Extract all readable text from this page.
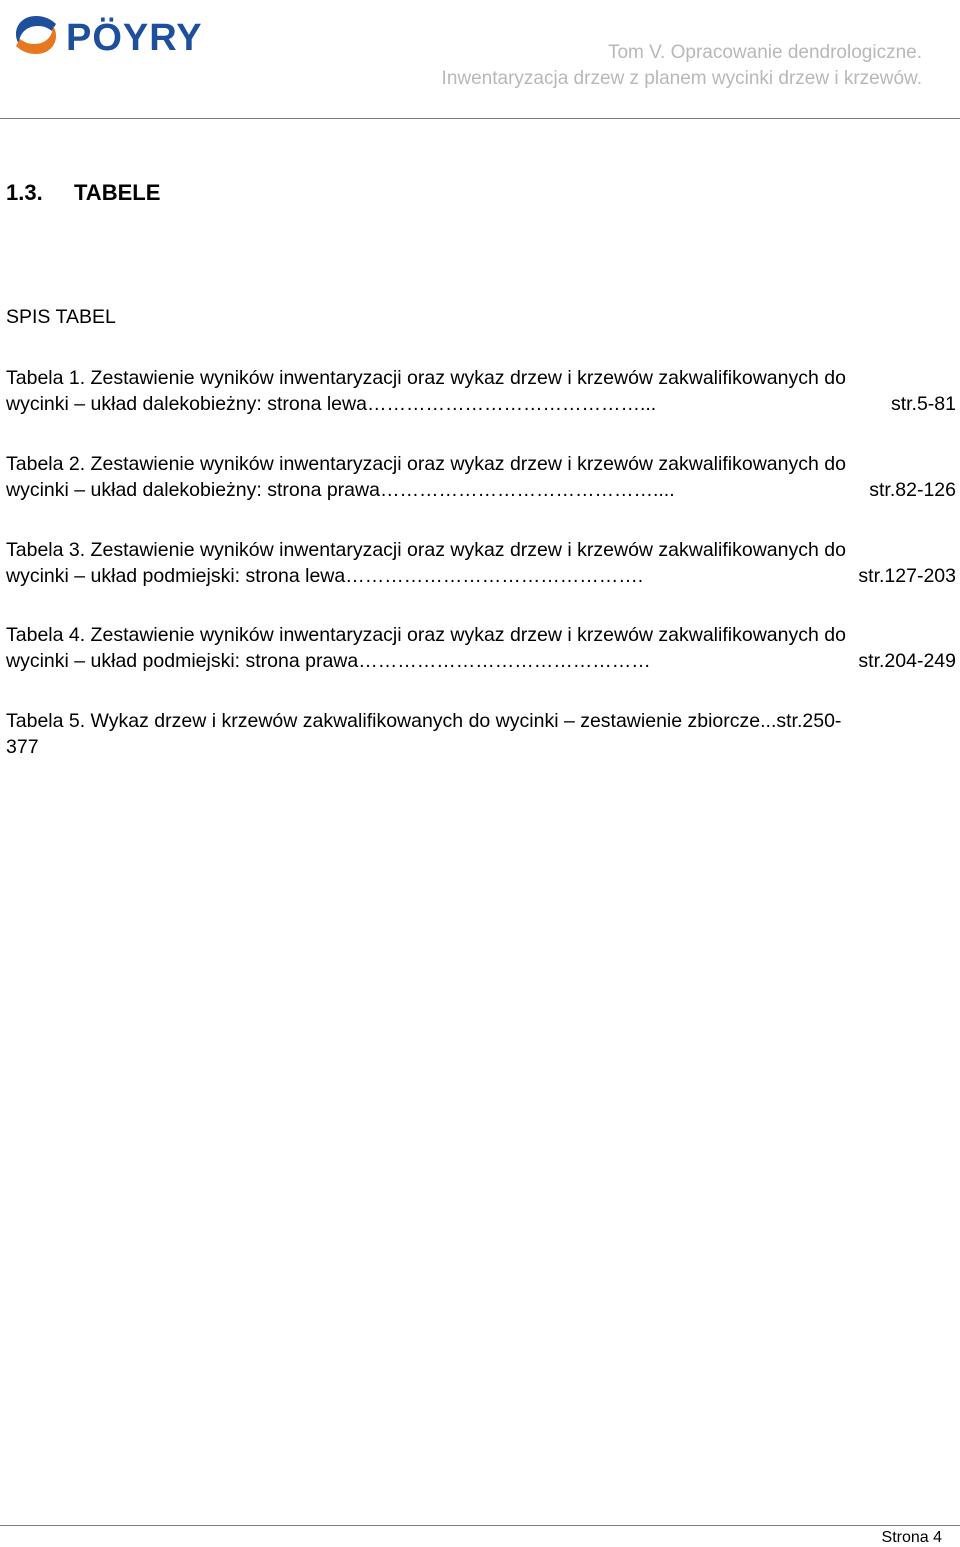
PÖYRY	Tom V. Opracowanie dendrologiczne.
Inwentaryzacja drzew z planem wycinki drzew i krzewów.
1.3. TABELE
SPIS TABEL
Tabela 1. Zestawienie wyników inwentaryzacji oraz wykaz drzew i krzewów zakwalifikowanych do
wycinki – układ dalekobieżny: strona lewa ……………………………………...	str.5-81
Tabela 2. Zestawienie wyników inwentaryzacji oraz wykaz drzew i krzewów zakwalifikowanych do
wycinki – układ dalekobieżny: strona prawa ……………………………………....	str.82-126
Tabela 3. Zestawienie wyników inwentaryzacji oraz wykaz drzew i krzewów zakwalifikowanych do
wycinki – układ podmiejski: strona lewa ……………………………………….	str.127-203
Tabela 4. Zestawienie wyników inwentaryzacji oraz wykaz drzew i krzewów zakwalifikowanych do
wycinki – układ podmiejski: strona prawa ………………………………………	str.204-249
Tabela 5. Wykaz drzew i krzewów zakwalifikowanych do wycinki – zestawienie zbiorcze...str.250-
377
Strona 4
